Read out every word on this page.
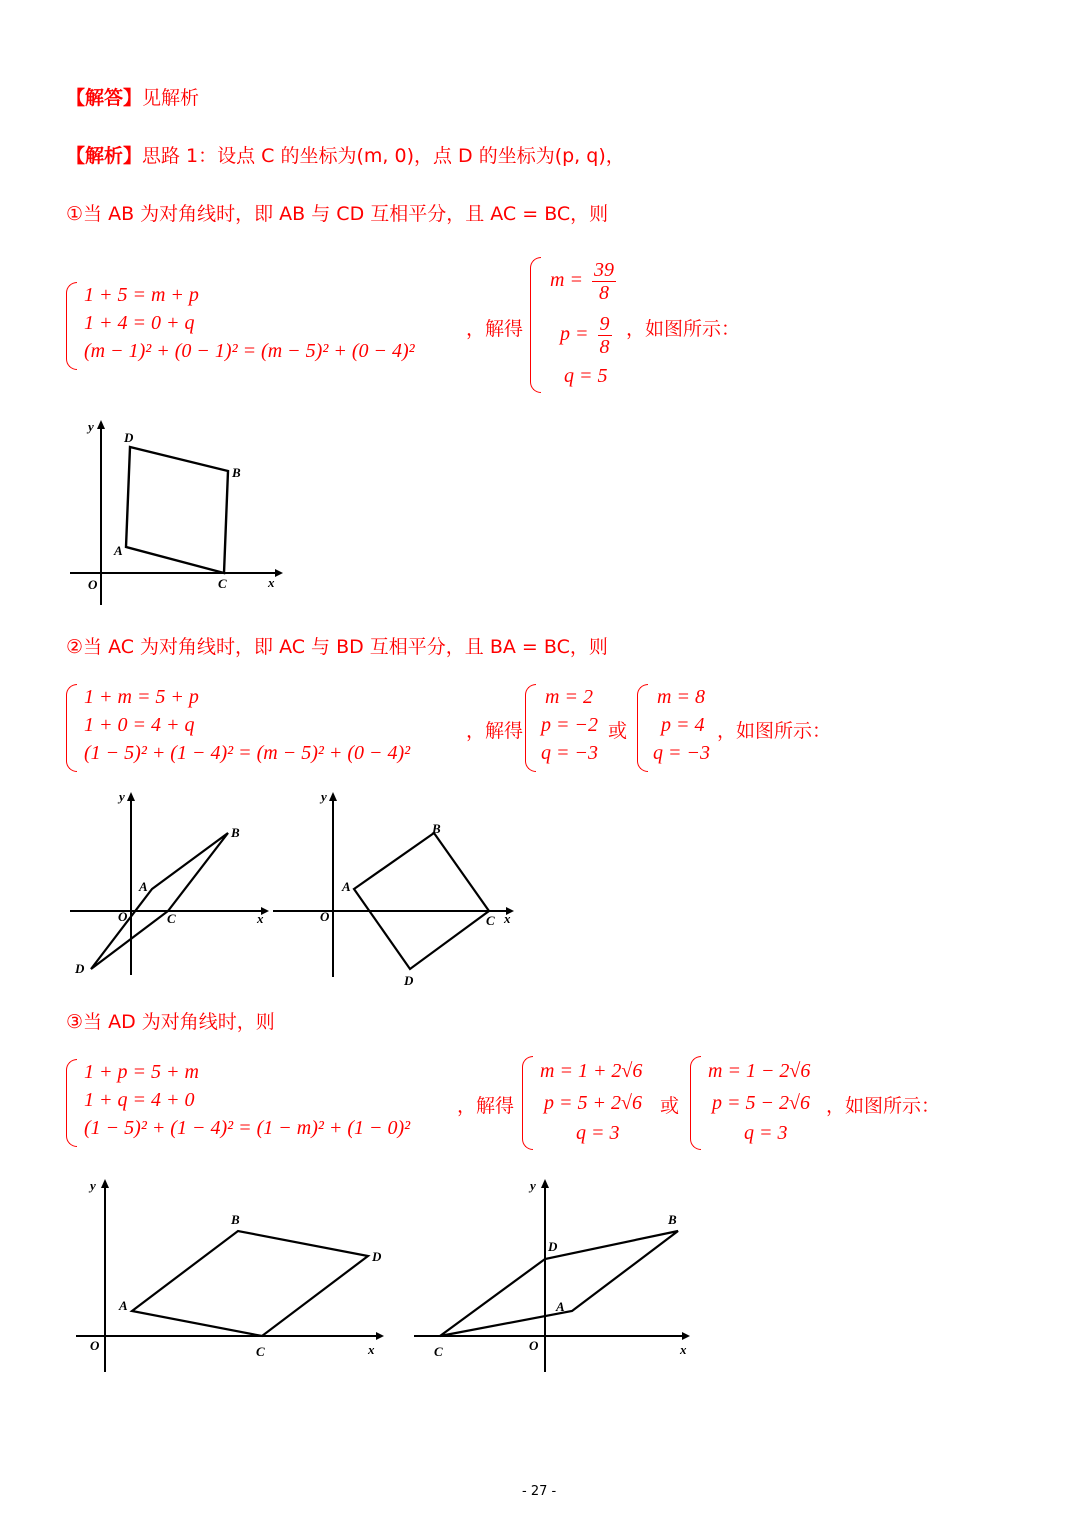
【解答】见解析
【解析】思路 1：设点 C 的坐标为(m, 0)，点 D 的坐标为(p, q)，
①当 AB 为对角线时，即 AB 与 CD 互相平分，且 AC = BC，则
1 + 5 = m + p
1 + 4 = 0 + q
(m − 1)² + (0 − 1)² = (m − 5)² + (0 − 4)²
，解得
$m = \frac{39}{8}$
$p = \frac{9}{8}$
q = 5
，如图所示：
y
x
O
A
B
C
D
②当 AC 为对角线时，即 AC 与 BD 互相平分，且 BA = BC，则
1 + m = 5 + p
1 + 0 = 4 + q
(1 − 5)² + (1 − 4)² = (m − 5)² + (0 − 4)²
，解得
m = 2
p = −2
q = −3
或
m = 8
p = 4
q = −3
，如图所示：
y
x
O
A
B
C
D
y
x
O
A
B
C
D
③当 AD 为对角线时，则
1 + p = 5 + m
1 + q = 4 + 0
(1 − 5)² + (1 − 4)² = (1 − m)² + (1 − 0)²
，解得
m = 1 + 2√6
p = 5 + 2√6
q = 3
或
m = 1 − 2√6
p = 5 − 2√6
q = 3
，如图所示：
y
x
O
A
B
C
D
y
x
O
A
B
C
D
- 27 -
